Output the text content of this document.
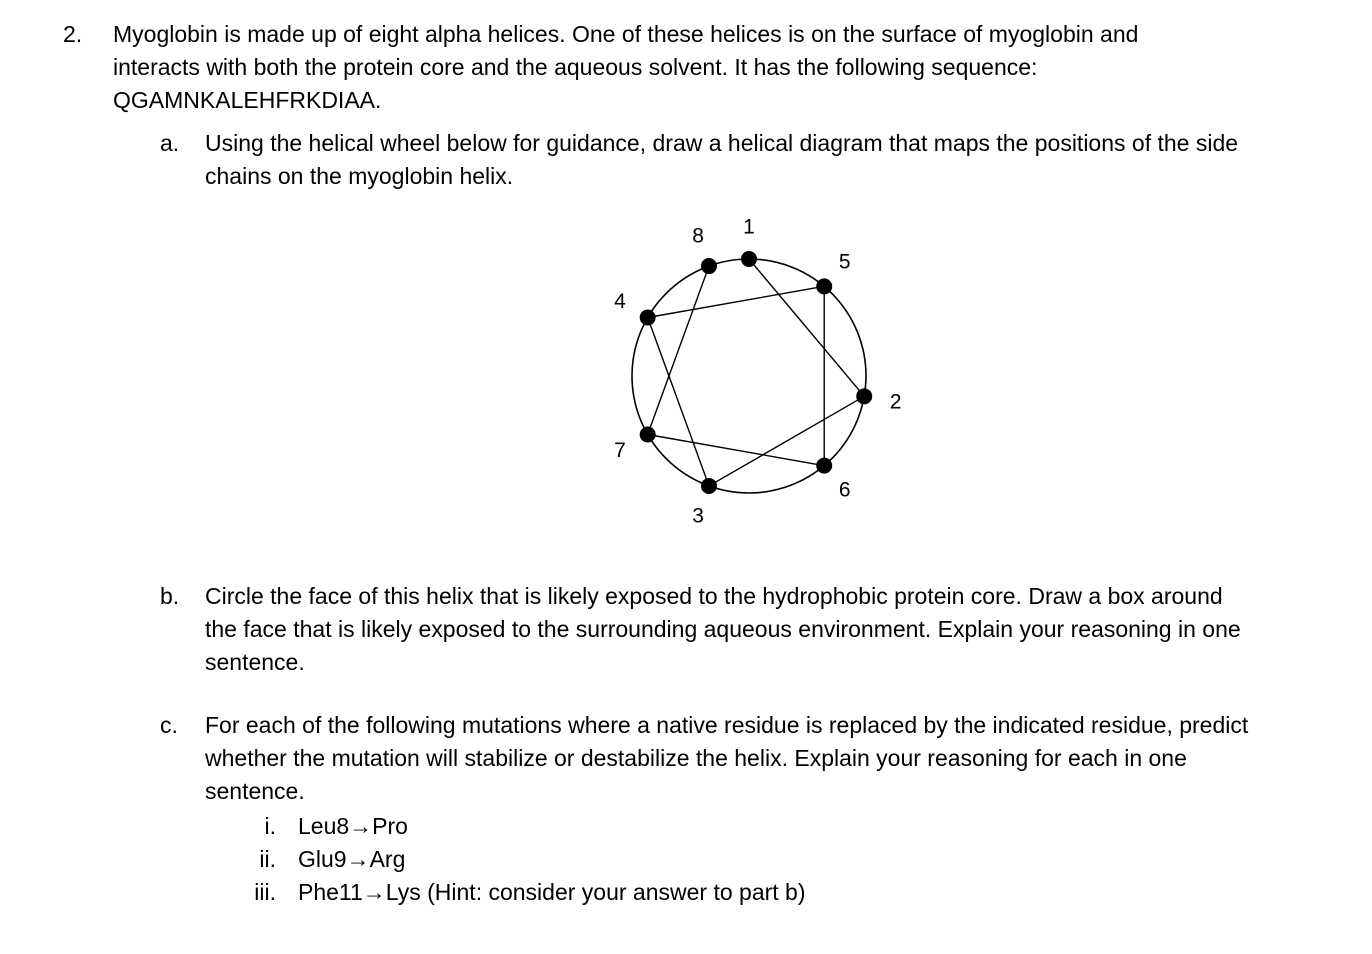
2.	Myoglobin is made up of eight alpha helices. One of these helices is on the surface of myoglobin and interacts with both the protein core and the aqueous solvent. It has the following sequence: QGAMNKALEHFRKDIAA.
a.	Using the helical wheel below for guidance, draw a helical diagram that maps the positions of the side chains on the myoglobin helix.
1
2
3
4
5
6
7
8
b.	Circle the face of this helix that is likely exposed to the hydrophobic protein core. Draw a box around the face that is likely exposed to the surrounding aqueous environment. Explain your reasoning in one sentence.
c.	For each of the following mutations where a native residue is replaced by the indicated residue, predict whether the mutation will stabilize or destabilize the helix. Explain your reasoning for each in one sentence.
i. Leu8→Pro
ii. Glu9→Arg
iii. Phe11→Lys (Hint: consider your answer to part b)
